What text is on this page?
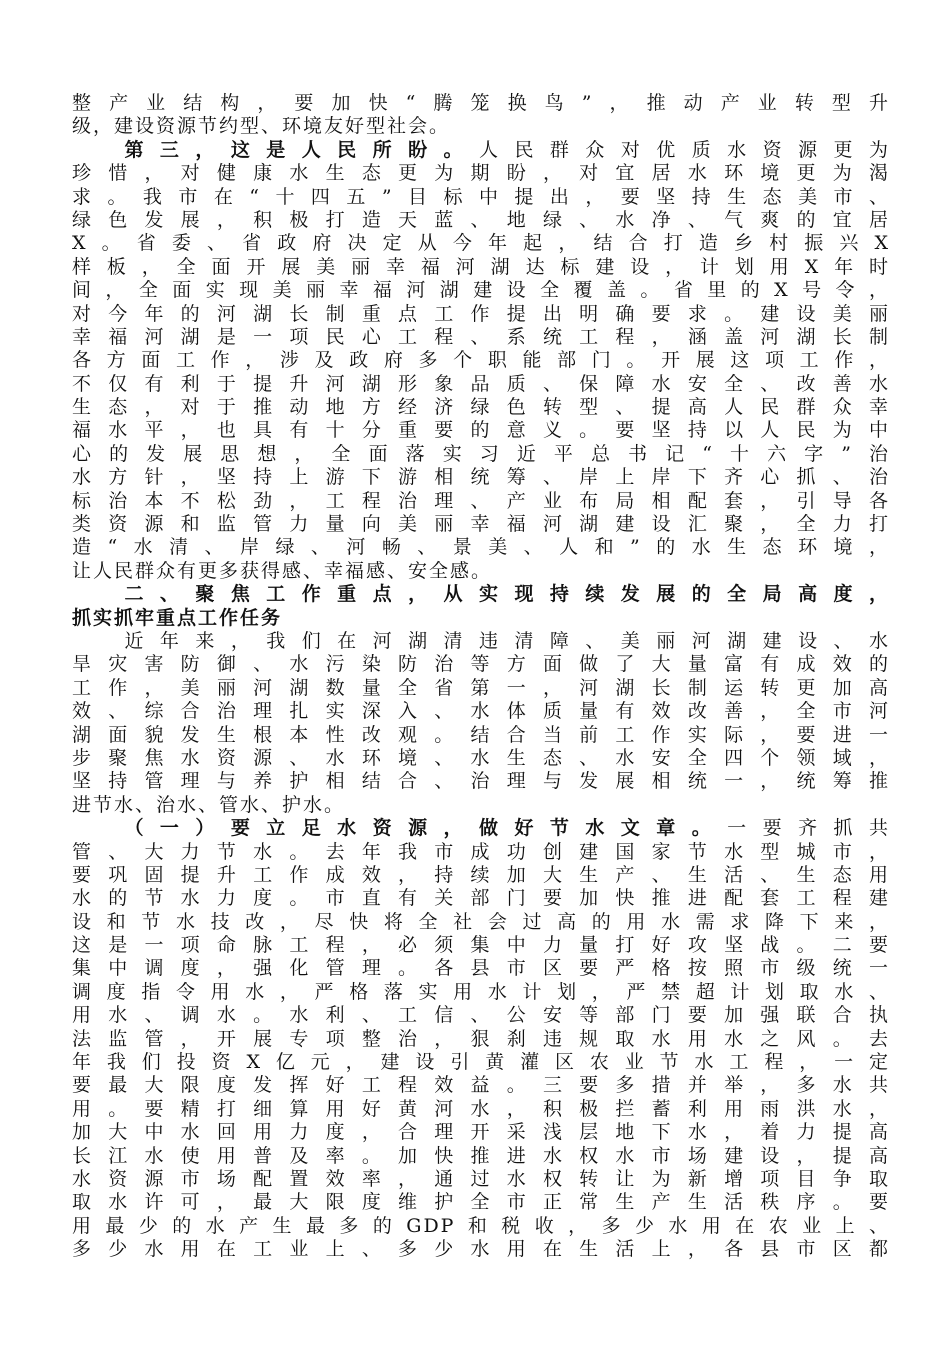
整产业结构，要加快“腾笼换鸟”，推动产业转型升
级，建设资源节约型、环境友好型社会。
第三，这是人民所盼。人民群众对优质水资源更为
珍惜，对健康水生态更为期盼，对宜居水环境更为渴
求。我市在“十四五”目标中提出，要坚持生态美市、
绿色发展，积极打造天蓝、地绿、水净、气爽的宜居
X。省委、省政府决定从今年起，结合打造乡村振兴X
样板，全面开展美丽幸福河湖达标建设，计划用X年时
间，全面实现美丽幸福河湖建设全覆盖。省里的X号令，
对今年的河湖长制重点工作提出明确要求。建设美丽
幸福河湖是一项民心工程、系统工程，涵盖河湖长制
各方面工作，涉及政府多个职能部门。开展这项工作，
不仅有利于提升河湖形象品质、保障水安全、改善水
生态，对于推动地方经济绿色转型、提高人民群众幸
福水平，也具有十分重要的意义。要坚持以人民为中
心的发展思想，全面落实习近平总书记“十六字”治
水方针，坚持上游下游相统筹、岸上岸下齐心抓、治
标治本不松劲，工程治理、产业布局相配套，引导各
类资源和监管力量向美丽幸福河湖建设汇聚，全力打
造“水清、岸绿、河畅、景美、人和”的水生态环境，
让人民群众有更多获得感、幸福感、安全感。
二、聚焦工作重点，从实现持续发展的全局高度，
抓实抓牢重点工作任务
近年来，我们在河湖清违清障、美丽河湖建设、水
旱灾害防御、水污染防治等方面做了大量富有成效的
工作，美丽河湖数量全省第一，河湖长制运转更加高
效、综合治理扎实深入、水体质量有效改善，全市河
湖面貌发生根本性改观。结合当前工作实际，要进一
步聚焦水资源、水环境、水生态、水安全四个领域，
坚持管理与养护相结合、治理与发展相统一，统筹推
进节水、治水、管水、护水。
（一）要立足水资源，做好节水文章。一要齐抓共
管、大力节水。去年我市成功创建国家节水型城市，
要巩固提升工作成效，持续加大生产、生活、生态用
水的节水力度。市直有关部门要加快推进配套工程建
设和节水技改，尽快将全社会过高的用水需求降下来，
这是一项命脉工程，必须集中力量打好攻坚战。二要
集中调度，强化管理。各县市区要严格按照市级统一
调度指令用水，严格落实用水计划，严禁超计划取水、
用水、调水。水利、工信、公安等部门要加强联合执
法监管，开展专项整治，狠刹违规取水用水之风。去
年我们投资X亿元，建设引黄灌区农业节水工程，一定
要最大限度发挥好工程效益。三要多措并举，多水共
用。要精打细算用好黄河水，积极拦蓄利用雨洪水，
加大中水回用力度，合理开采浅层地下水，着力提高
长江水使用普及率。加快推进水权水市场建设，提高
水资源市场配置效率，通过水权转让为新增项目争取
取水许可，最大限度维护全市正常生产生活秩序。要
用最少的水产生最多的GDP和税收，多少水用在农业上、
多少水用在工业上、多少水用在生活上，各县市区都
